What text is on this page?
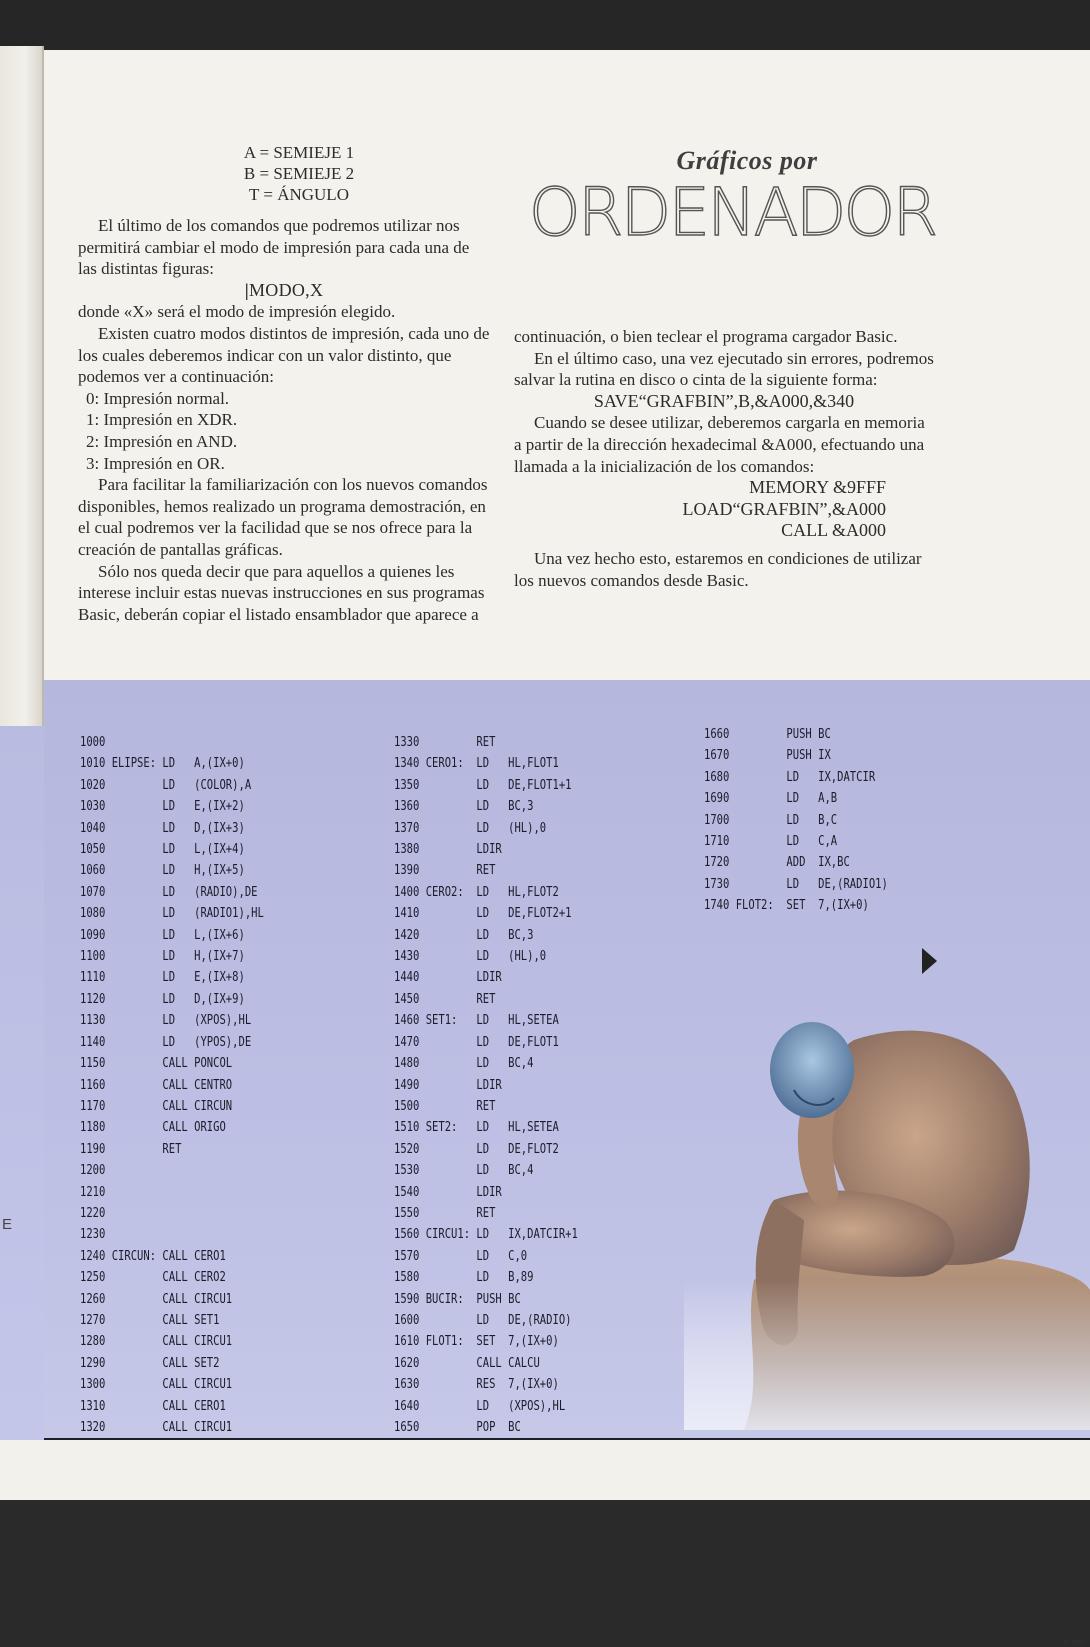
E
A = SEMIEJE 1
B = SEMIEJE 2
T = ÁNGULO

El último de los comandos que podremos utilizar nos permitirá cambiar el modo de impresión para cada una de las distintas figuras:

|MODO,X

donde «X» será el modo de impresión elegido.

Existen cuatro modos distintos de impresión, cada uno de los cuales deberemos indicar con un valor distinto, que podemos ver a continuación:

0: Impresión normal.
1: Impresión en XDR.
2: Impresión en AND.
3: Impresión en OR.

Para facilitar la familiarización con los nuevos comandos disponibles, hemos realizado un programa demostración, en el cual podremos ver la facilidad que se nos ofrece para la creación de pantallas gráficas.

Sólo nos queda decir que para aquellos a quienes les interese incluir estas nuevas instrucciones en sus programas Basic, deberán copiar el listado ensamblador que aparece a

Gráficos por
ORDENADOR

continuación, o bien teclear el programa cargador Basic.

En el último caso, una vez ejecutado sin errores, podremos salvar la rutina en disco o cinta de la siguiente forma:

SAVE“GRAFBIN”,B,&A000,&340

Cuando se desee utilizar, deberemos cargarla en memoria a partir de la dirección hexadecimal &A000, efectuando una llamada a la inicialización de los comandos:

MEMORY &9FFF
LOAD“GRAFBIN”,&A000
CALL &A000

Una vez hecho esto, estaremos en condiciones de utilizar los nuevos comandos desde Basic.

1000
1010 ELIPSE: LD   A,(IX+0)
1020         LD   (COLOR),A
1030         LD   E,(IX+2)
1040         LD   D,(IX+3)
1050         LD   L,(IX+4)
1060         LD   H,(IX+5)
1070         LD   (RADIO),DE
1080         LD   (RADIO1),HL
1090         LD   L,(IX+6)
1100         LD   H,(IX+7)
1110         LD   E,(IX+8)
1120         LD   D,(IX+9)
1130         LD   (XPOS),HL
1140         LD   (YPOS),DE
1150         CALL PONCOL
1160         CALL CENTRO
1170         CALL CIRCUN
1180         CALL ORIGO
1190         RET
1200
1210
1220
1230
1240 CIRCUN: CALL CERO1
1250         CALL CERO2
1260         CALL CIRCU1
1270         CALL SET1
1280         CALL CIRCU1
1290         CALL SET2
1300         CALL CIRCU1
1310         CALL CERO1
1320         CALL CIRCU1
1330         RET
1340 CERO1:  LD   HL,FLOT1
1350         LD   DE,FLOT1+1
1360         LD   BC,3
1370         LD   (HL),0
1380         LDIR
1390         RET
1400 CERO2:  LD   HL,FLOT2
1410         LD   DE,FLOT2+1
1420         LD   BC,3
1430         LD   (HL),0
1440         LDIR
1450         RET
1460 SET1:   LD   HL,SETEA
1470         LD   DE,FLOT1
1480         LD   BC,4
1490         LDIR
1500         RET
1510 SET2:   LD   HL,SETEA
1520         LD   DE,FLOT2
1530         LD   BC,4
1540         LDIR
1550         RET
1560 CIRCU1: LD   IX,DATCIR+1
1570         LD   C,0
1580         LD   B,89
1590 BUCIR:  PUSH BC
1600         LD   DE,(RADIO)
1610 FLOT1:  SET  7,(IX+0)
1620         CALL CALCU
1630         RES  7,(IX+0)
1640         LD   (XPOS),HL
1650         POP  BC
1660         PUSH BC
1670         PUSH IX
1680         LD   IX,DATCIR
1690         LD   A,B
1700         LD   B,C
1710         LD   C,A
1720         ADD  IX,BC
1730         LD   DE,(RADIO1)
1740 FLOT2:  SET  7,(IX+0)
FUNCI
